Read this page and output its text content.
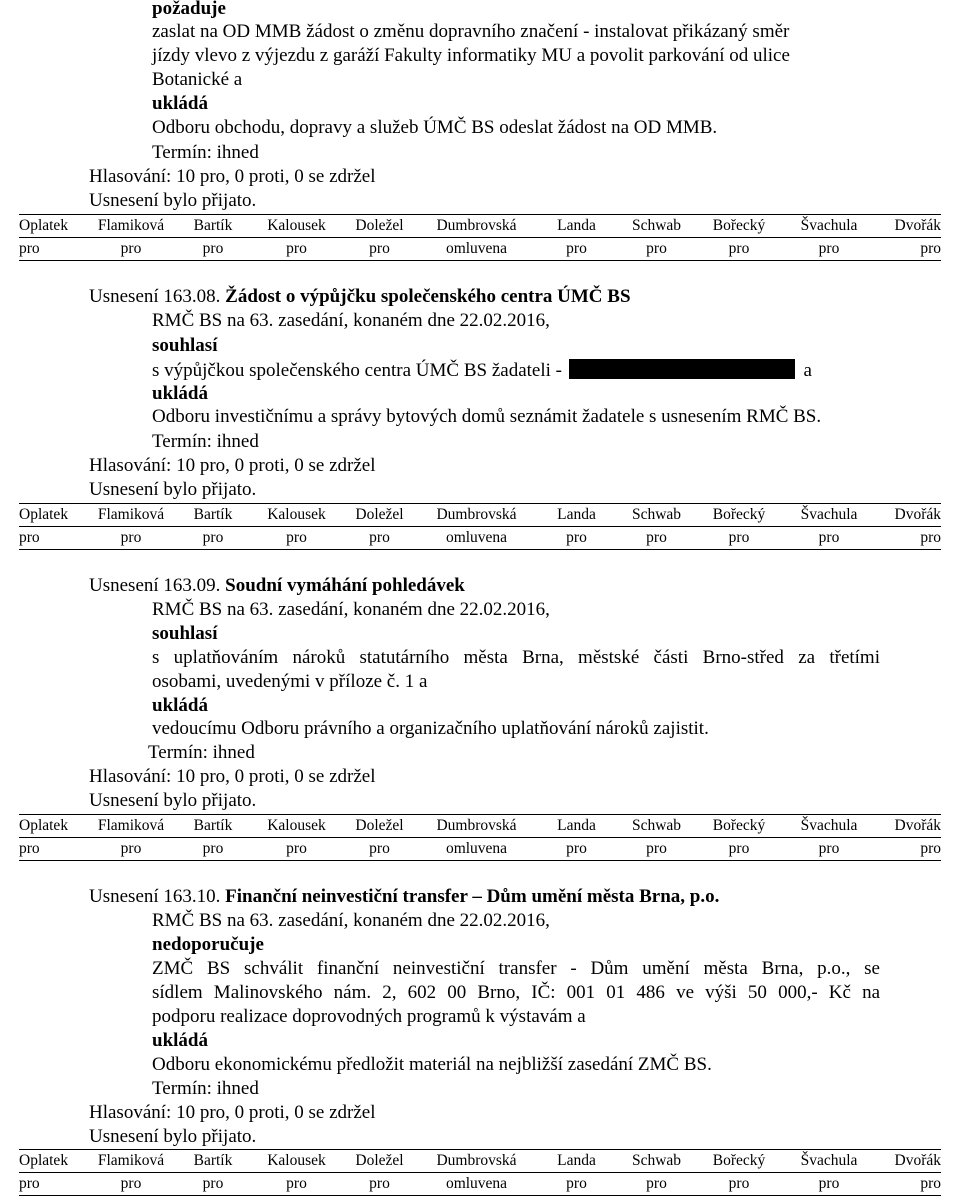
požaduje
zaslat na OD MMB žádost o změnu dopravního značení - instalovat přikázaný směr
jízdy vlevo z výjezdu z garáží Fakulty informatiky MU a povolit parkování od ulice
Botanické a
ukládá
Odboru obchodu, dopravy a služeb ÚMČ BS odeslat žádost na OD MMB.
Termín: ihned
Hlasování: 10 pro, 0 proti, 0 se zdržel
Usnesení bylo přijato.
Oplatek	Flamiková	Bartík	Kalousek	Doležel	Dumbrovská	Landa	Schwab	Bořecký	Švachula	Dvořák
pro	pro	pro	pro	pro	omluvena	pro	pro	pro	pro	pro
Usnesení 163.08. Žádost o výpůjčku společenského centra ÚMČ BS
RMČ BS na 63. zasedání, konaném dne 22.02.2016,
souhlasí
s výpůjčkou společenského centra ÚMČ BS žadateli -	a
ukládá
Odboru investičnímu a správy bytových domů seznámit žadatele s usnesením RMČ BS.
Termín: ihned
Hlasování: 10 pro, 0 proti, 0 se zdržel
Usnesení bylo přijato.
Oplatek	Flamiková	Bartík	Kalousek	Doležel	Dumbrovská	Landa	Schwab	Bořecký	Švachula	Dvořák
pro	pro	pro	pro	pro	omluvena	pro	pro	pro	pro	pro
Usnesení 163.09. Soudní vymáhání pohledávek
RMČ BS na 63. zasedání, konaném dne 22.02.2016,
souhlasí
s uplatňováním nároků statutárního města Brna, městské části Brno-střed za třetími
osobami, uvedenými v příloze č. 1 a
ukládá
vedoucímu Odboru právního a organizačního uplatňování nároků zajistit.
Termín: ihned
Hlasování: 10 pro, 0 proti, 0 se zdržel
Usnesení bylo přijato.
Oplatek	Flamiková	Bartík	Kalousek	Doležel	Dumbrovská	Landa	Schwab	Bořecký	Švachula	Dvořák
pro	pro	pro	pro	pro	omluvena	pro	pro	pro	pro	pro
Usnesení 163.10. Finanční neinvestiční transfer – Dům umění města Brna, p.o.
RMČ BS na 63. zasedání, konaném dne 22.02.2016,
nedoporučuje
ZMČ BS schválit finanční neinvestiční transfer - Dům umění města Brna, p.o., se
sídlem Malinovského nám. 2, 602 00 Brno, IČ: 001 01 486 ve výši 50 000,- Kč na
podporu realizace doprovodných programů k výstavám a
ukládá
Odboru ekonomickému předložit materiál na nejbližší zasedání ZMČ BS.
Termín: ihned
Hlasování: 10 pro, 0 proti, 0 se zdržel
Usnesení bylo přijato.
Oplatek	Flamiková	Bartík	Kalousek	Doležel	Dumbrovská	Landa	Schwab	Bořecký	Švachula	Dvořák
pro	pro	pro	pro	pro	omluvena	pro	pro	pro	pro	pro
